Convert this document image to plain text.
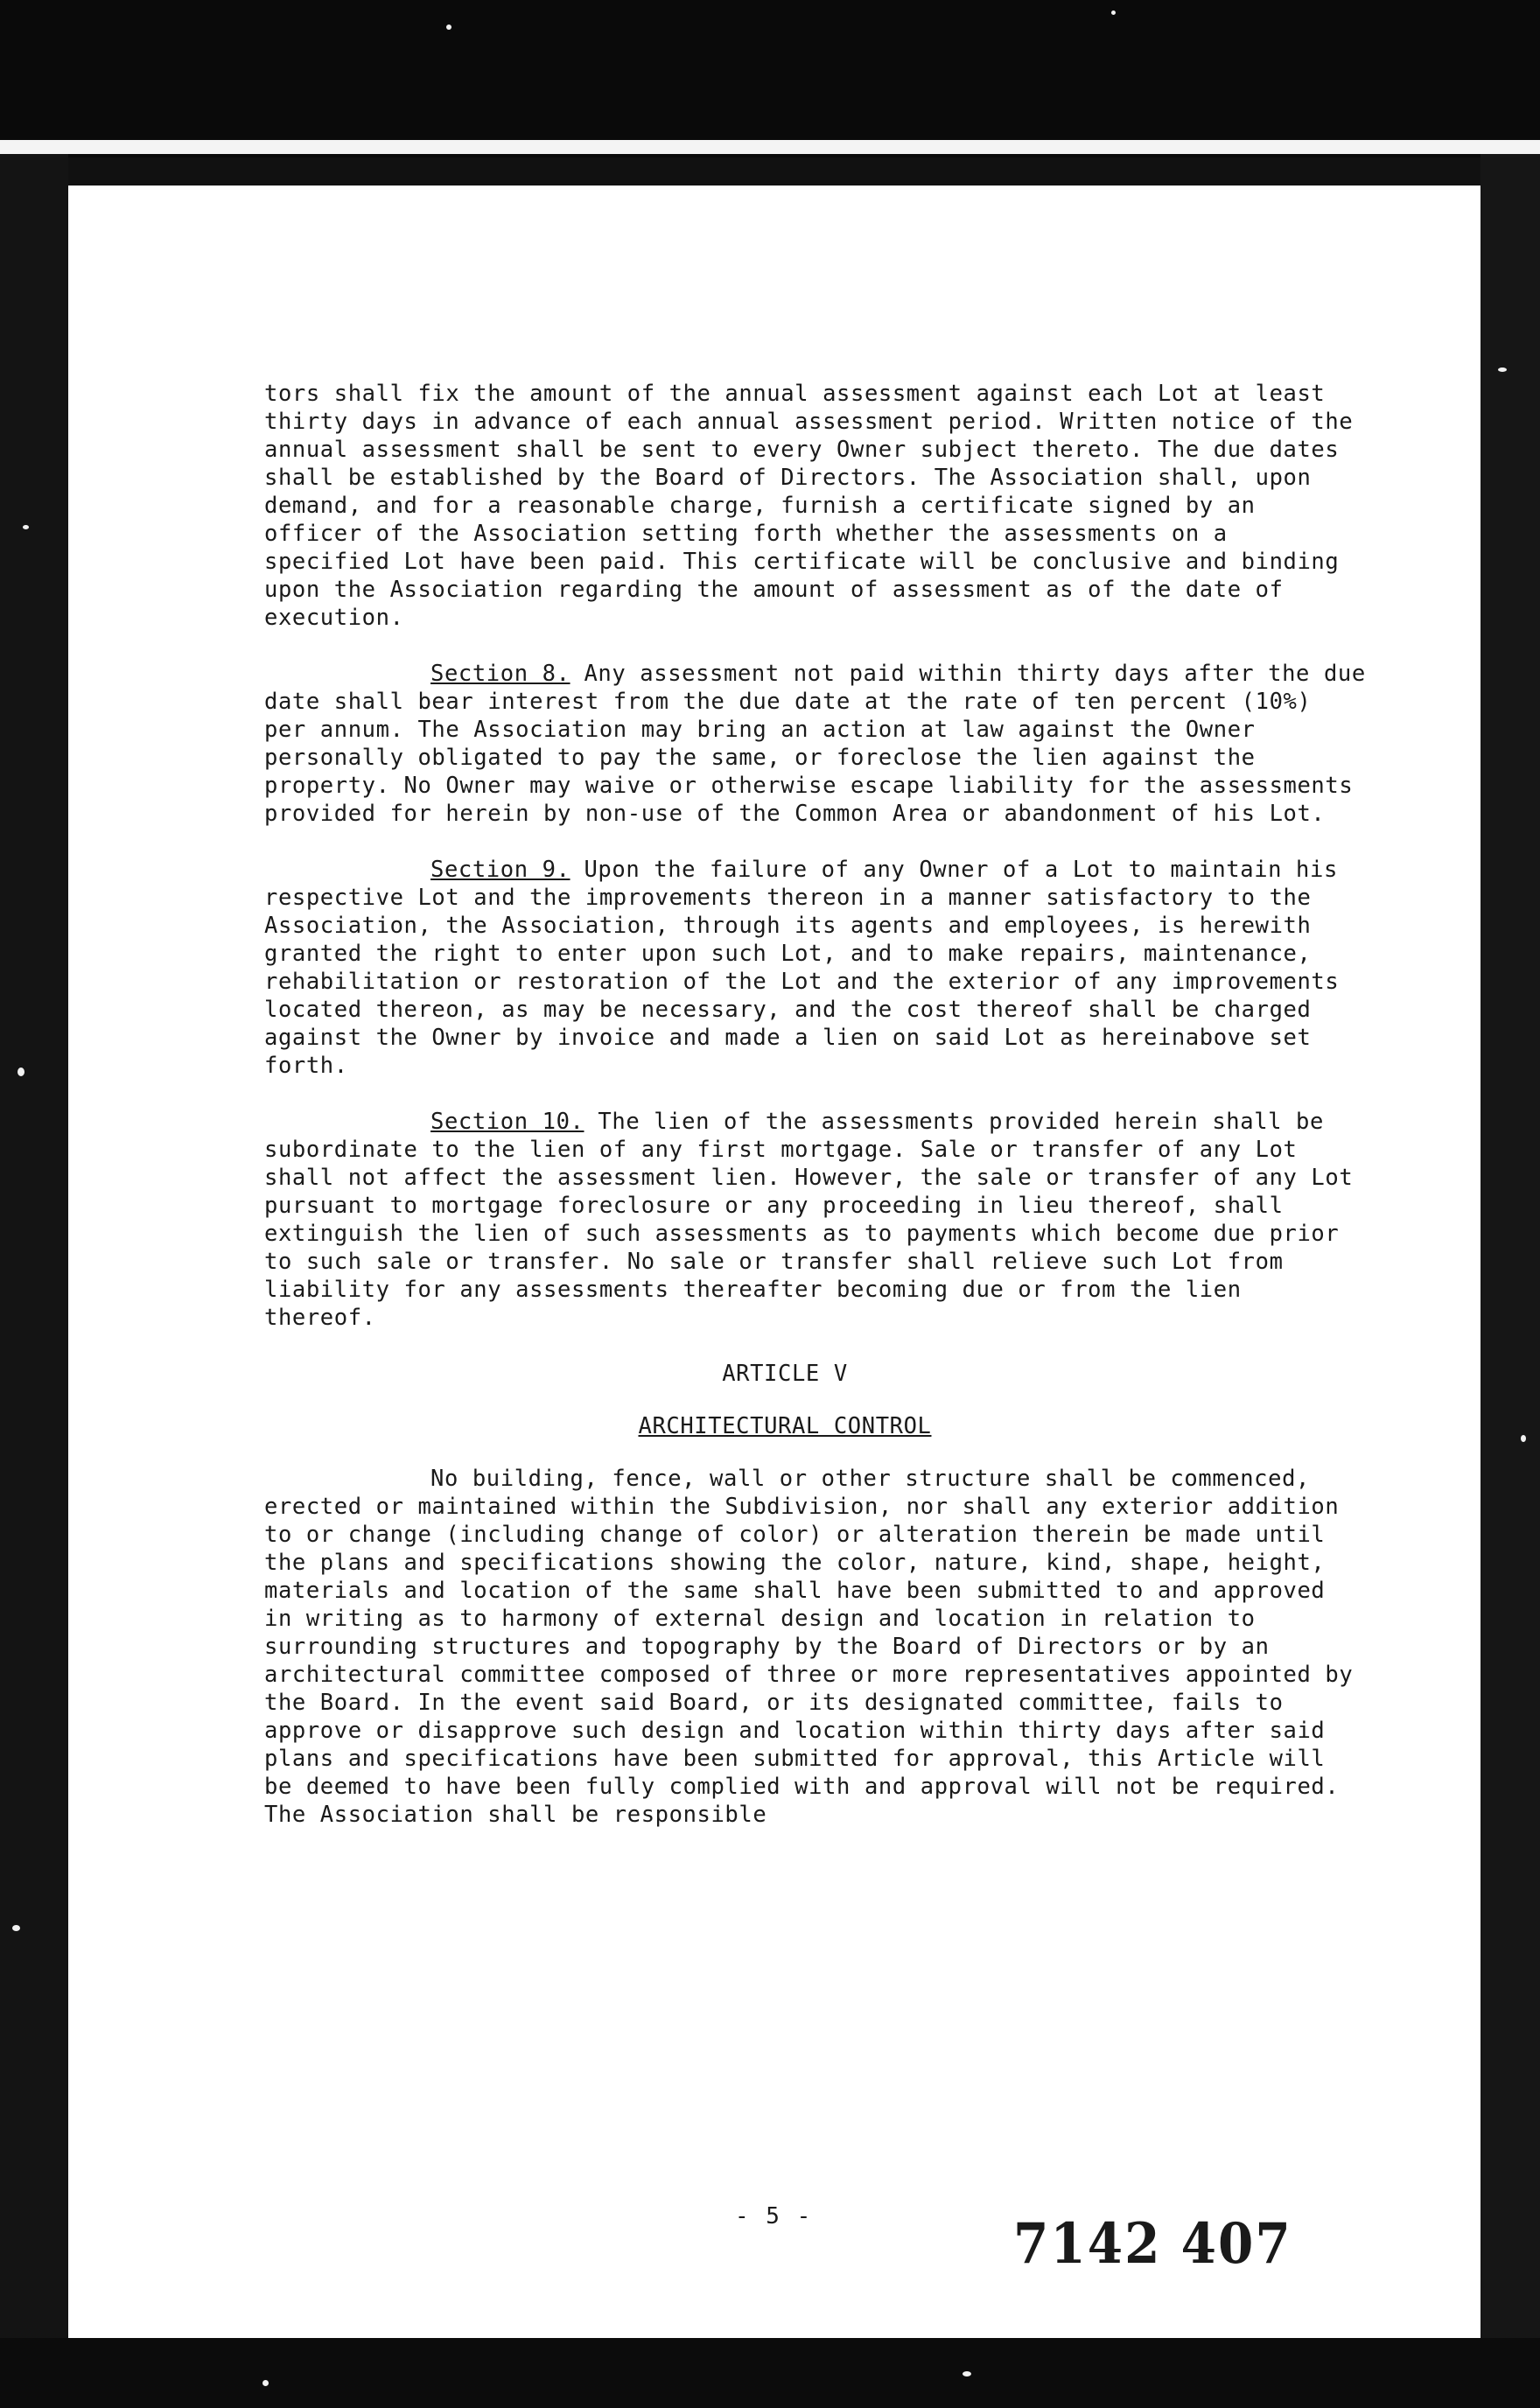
tors shall fix the amount of the annual assessment against each Lot at least thirty days in advance of each annual assessment period. Written notice of the annual assessment shall be sent to every Owner subject thereto. The due dates shall be established by the Board of Directors. The Association shall, upon demand, and for a reasonable charge, furnish a certificate signed by an officer of the Association setting forth whether the assessments on a specified Lot have been paid. This certificate will be conclusive and binding upon the Association regarding the amount of assessment as of the date of execution.

Section 8. Any assessment not paid within thirty days after the due date shall bear interest from the due date at the rate of ten percent (10%) per annum. The Association may bring an action at law against the Owner personally obligated to pay the same, or foreclose the lien against the property. No Owner may waive or otherwise escape liability for the assessments provided for herein by non-use of the Common Area or abandonment of his Lot.

Section 9. Upon the failure of any Owner of a Lot to maintain his respective Lot and the improvements thereon in a manner satisfactory to the Association, the Association, through its agents and employees, is herewith granted the right to enter upon such Lot, and to make repairs, maintenance, rehabilitation or restoration of the Lot and the exterior of any improvements located thereon, as may be necessary, and the cost thereof shall be charged against the Owner by invoice and made a lien on said Lot as hereinabove set forth.

Section 10. The lien of the assessments provided herein shall be subordinate to the lien of any first mortgage. Sale or transfer of any Lot shall not affect the assessment lien. However, the sale or transfer of any Lot pursuant to mortgage foreclosure or any proceeding in lieu thereof, shall extinguish the lien of such assessments as to payments which become due prior to such sale or transfer. No sale or transfer shall relieve such Lot from liability for any assessments thereafter becoming due or from the lien thereof.

ARTICLE V
ARCHITECTURAL CONTROL

No building, fence, wall or other structure shall be commenced, erected or maintained within the Subdivision, nor shall any exterior addition to or change (including change of color) or alteration therein be made until the plans and specifications showing the color, nature, kind, shape, height, materials and location of the same shall have been submitted to and approved in writing as to harmony of external design and location in relation to surrounding structures and topography by the Board of Directors or by an architectural committee composed of three or more representatives appointed by the Board. In the event said Board, or its designated committee, fails to approve or disapprove such design and location within thirty days after said plans and specifications have been submitted for approval, this Article will be deemed to have been fully complied with and approval will not be required. The Association shall be responsible

- 5 -	7142 407
